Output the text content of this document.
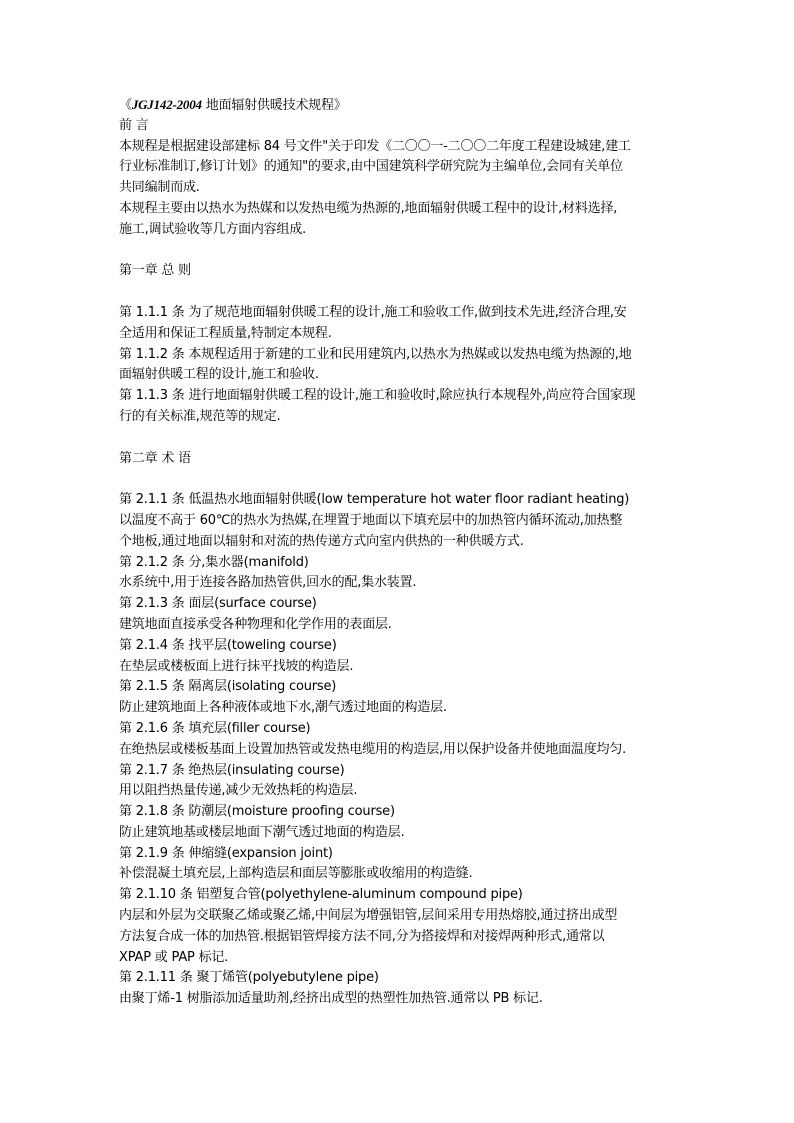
《JGJ142-2004 地面辐射供暖技术规程》
前 言
本规程是根据建设部建标 84 号文件"关于印发《二〇〇一-二〇〇二年度工程建设城建,建工
行业标准制订,修订计划》的通知"的要求,由中国建筑科学研究院为主编单位,会同有关单位
共同编制而成.
本规程主要由以热水为热媒和以发热电缆为热源的,地面辐射供暖工程中的设计,材料选择,
施工,调试验收等几方面内容组成.
第一章 总 则
第 1.1.1 条 为了规范地面辐射供暖工程的设计,施工和验收工作,做到技术先进,经济合理,安
全适用和保证工程质量,特制定本规程.
第 1.1.2 条 本规程适用于新建的工业和民用建筑内,以热水为热媒或以发热电缆为热源的,地
面辐射供暖工程的设计,施工和验收.
第 1.1.3 条 进行地面辐射供暖工程的设计,施工和验收时,除应执行本规程外,尚应符合国家现
行的有关标准,规范等的规定.
第二章 术 语
第 2.1.1 条 低温热水地面辐射供暖(low temperature hot water floor radiant heating)
以温度不高于 60℃的热水为热媒,在埋置于地面以下填充层中的加热管内循环流动,加热整
个地板,通过地面以辐射和对流的热传递方式向室内供热的一种供暖方式.
第 2.1.2 条 分,集水器(manifold)
水系统中,用于连接各路加热管供,回水的配,集水装置.
第 2.1.3 条 面层(surface course)
建筑地面直接承受各种物理和化学作用的表面层.
第 2.1.4 条 找平层(toweling course)
在垫层或楼板面上进行抹平找坡的构造层.
第 2.1.5 条 隔离层(isolating course)
防止建筑地面上各种液体或地下水,潮气透过地面的构造层.
第 2.1.6 条 填充层(filler course)
在绝热层或楼板基面上设置加热管或发热电缆用的构造层,用以保护设备并使地面温度均匀.
第 2.1.7 条 绝热层(insulating course)
用以阻挡热量传递,减少无效热耗的构造层.
第 2.1.8 条 防潮层(moisture proofing course)
防止建筑地基或楼层地面下潮气透过地面的构造层.
第 2.1.9 条 伸缩缝(expansion joint)
补偿混凝土填充层,上部构造层和面层等膨胀或收缩用的构造缝.
第 2.1.10 条 铝塑复合管(polyethylene-aluminum compound pipe)
内层和外层为交联聚乙烯或聚乙烯,中间层为增强铝管,层间采用专用热熔胶,通过挤出成型
方法复合成一体的加热管.根据铝管焊接方法不同,分为搭接焊和对接焊两种形式,通常以
XPAP 或 PAP 标记.
第 2.1.11 条 聚丁烯管(polyebutylene pipe)
由聚丁烯-1 树脂添加适量助剂,经挤出成型的热塑性加热管.通常以 PB 标记.
